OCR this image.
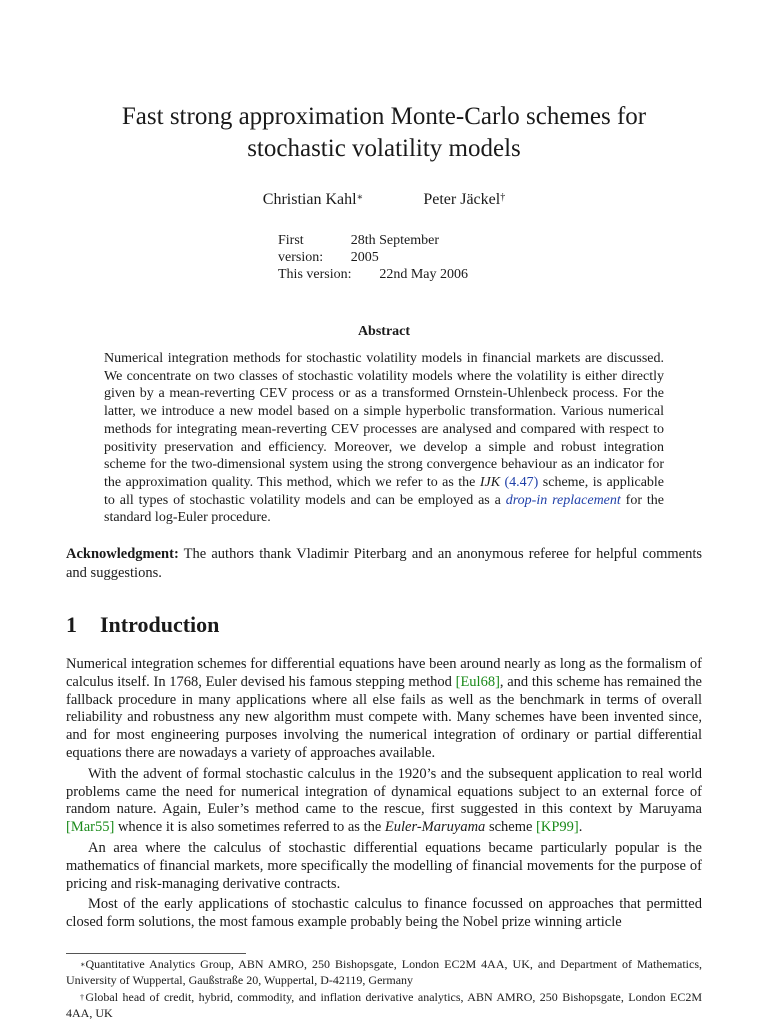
Fast strong approximation Monte-Carlo schemes for
stochastic volatility models
Christian Kahl∗	Peter Jäckel†
First version:
28th September 2005
This version: 22nd May 2006
Abstract

Numerical integration methods for stochastic volatility models in financial markets are discussed. We concentrate on two classes of stochastic volatility models where the volatility is either directly given by a mean-reverting CEV process or as a transformed Ornstein-Uhlenbeck process. For the latter, we introduce a new model based on a simple hyperbolic transformation. Various numerical methods for integrating mean-reverting CEV processes are analysed and compared with respect to positivity preservation and efficiency. Moreover, we develop a simple and robust integration scheme for the two-dimensional system using the strong convergence behaviour as an indicator for the approximation quality. This method, which we refer to as the IJK (4.47) scheme, is applicable to all types of stochastic volatility models and can be employed as a drop-in replacement for the standard log-Euler procedure.

Acknowledgment: The authors thank Vladimir Piterbarg and an anonymous referee for helpful comments and suggestions.

1 Introduction

Numerical integration schemes for differential equations have been around nearly as long as the formalism of calculus itself. In 1768, Euler devised his famous stepping method [Eul68], and this scheme has remained the fallback procedure in many applications where all else fails as well as the benchmark in terms of overall reliability and robustness any new algorithm must compete with. Many schemes have been invented since, and for most engineering purposes involving the numerical integration of ordinary or partial differential equations there are nowadays a variety of approaches available.

With the advent of formal stochastic calculus in the 1920’s and the subsequent application to real world problems came the need for numerical integration of dynamical equations subject to an external force of random nature. Again, Euler’s method came to the rescue, first suggested in this context by Maruyama [Mar55] whence it is also sometimes referred to as the Euler-Maruyama scheme [KP99].

An area where the calculus of stochastic differential equations became particularly popular is the mathematics of financial markets, more specifically the modelling of financial movements for the purpose of pricing and risk-managing derivative contracts.

Most of the early applications of stochastic calculus to finance focussed on approaches that permitted closed form solutions, the most famous example probably being the Nobel prize winning article

∗Quantitative Analytics Group, ABN AMRO, 250 Bishopsgate, London EC2M 4AA, UK, and Department of Mathematics, University of Wuppertal, Gaußstraße 20, Wuppertal, D-42119, Germany

†Global head of credit, hybrid, commodity, and inflation derivative analytics, ABN AMRO, 250 Bishopsgate, London EC2M 4AA, UK
